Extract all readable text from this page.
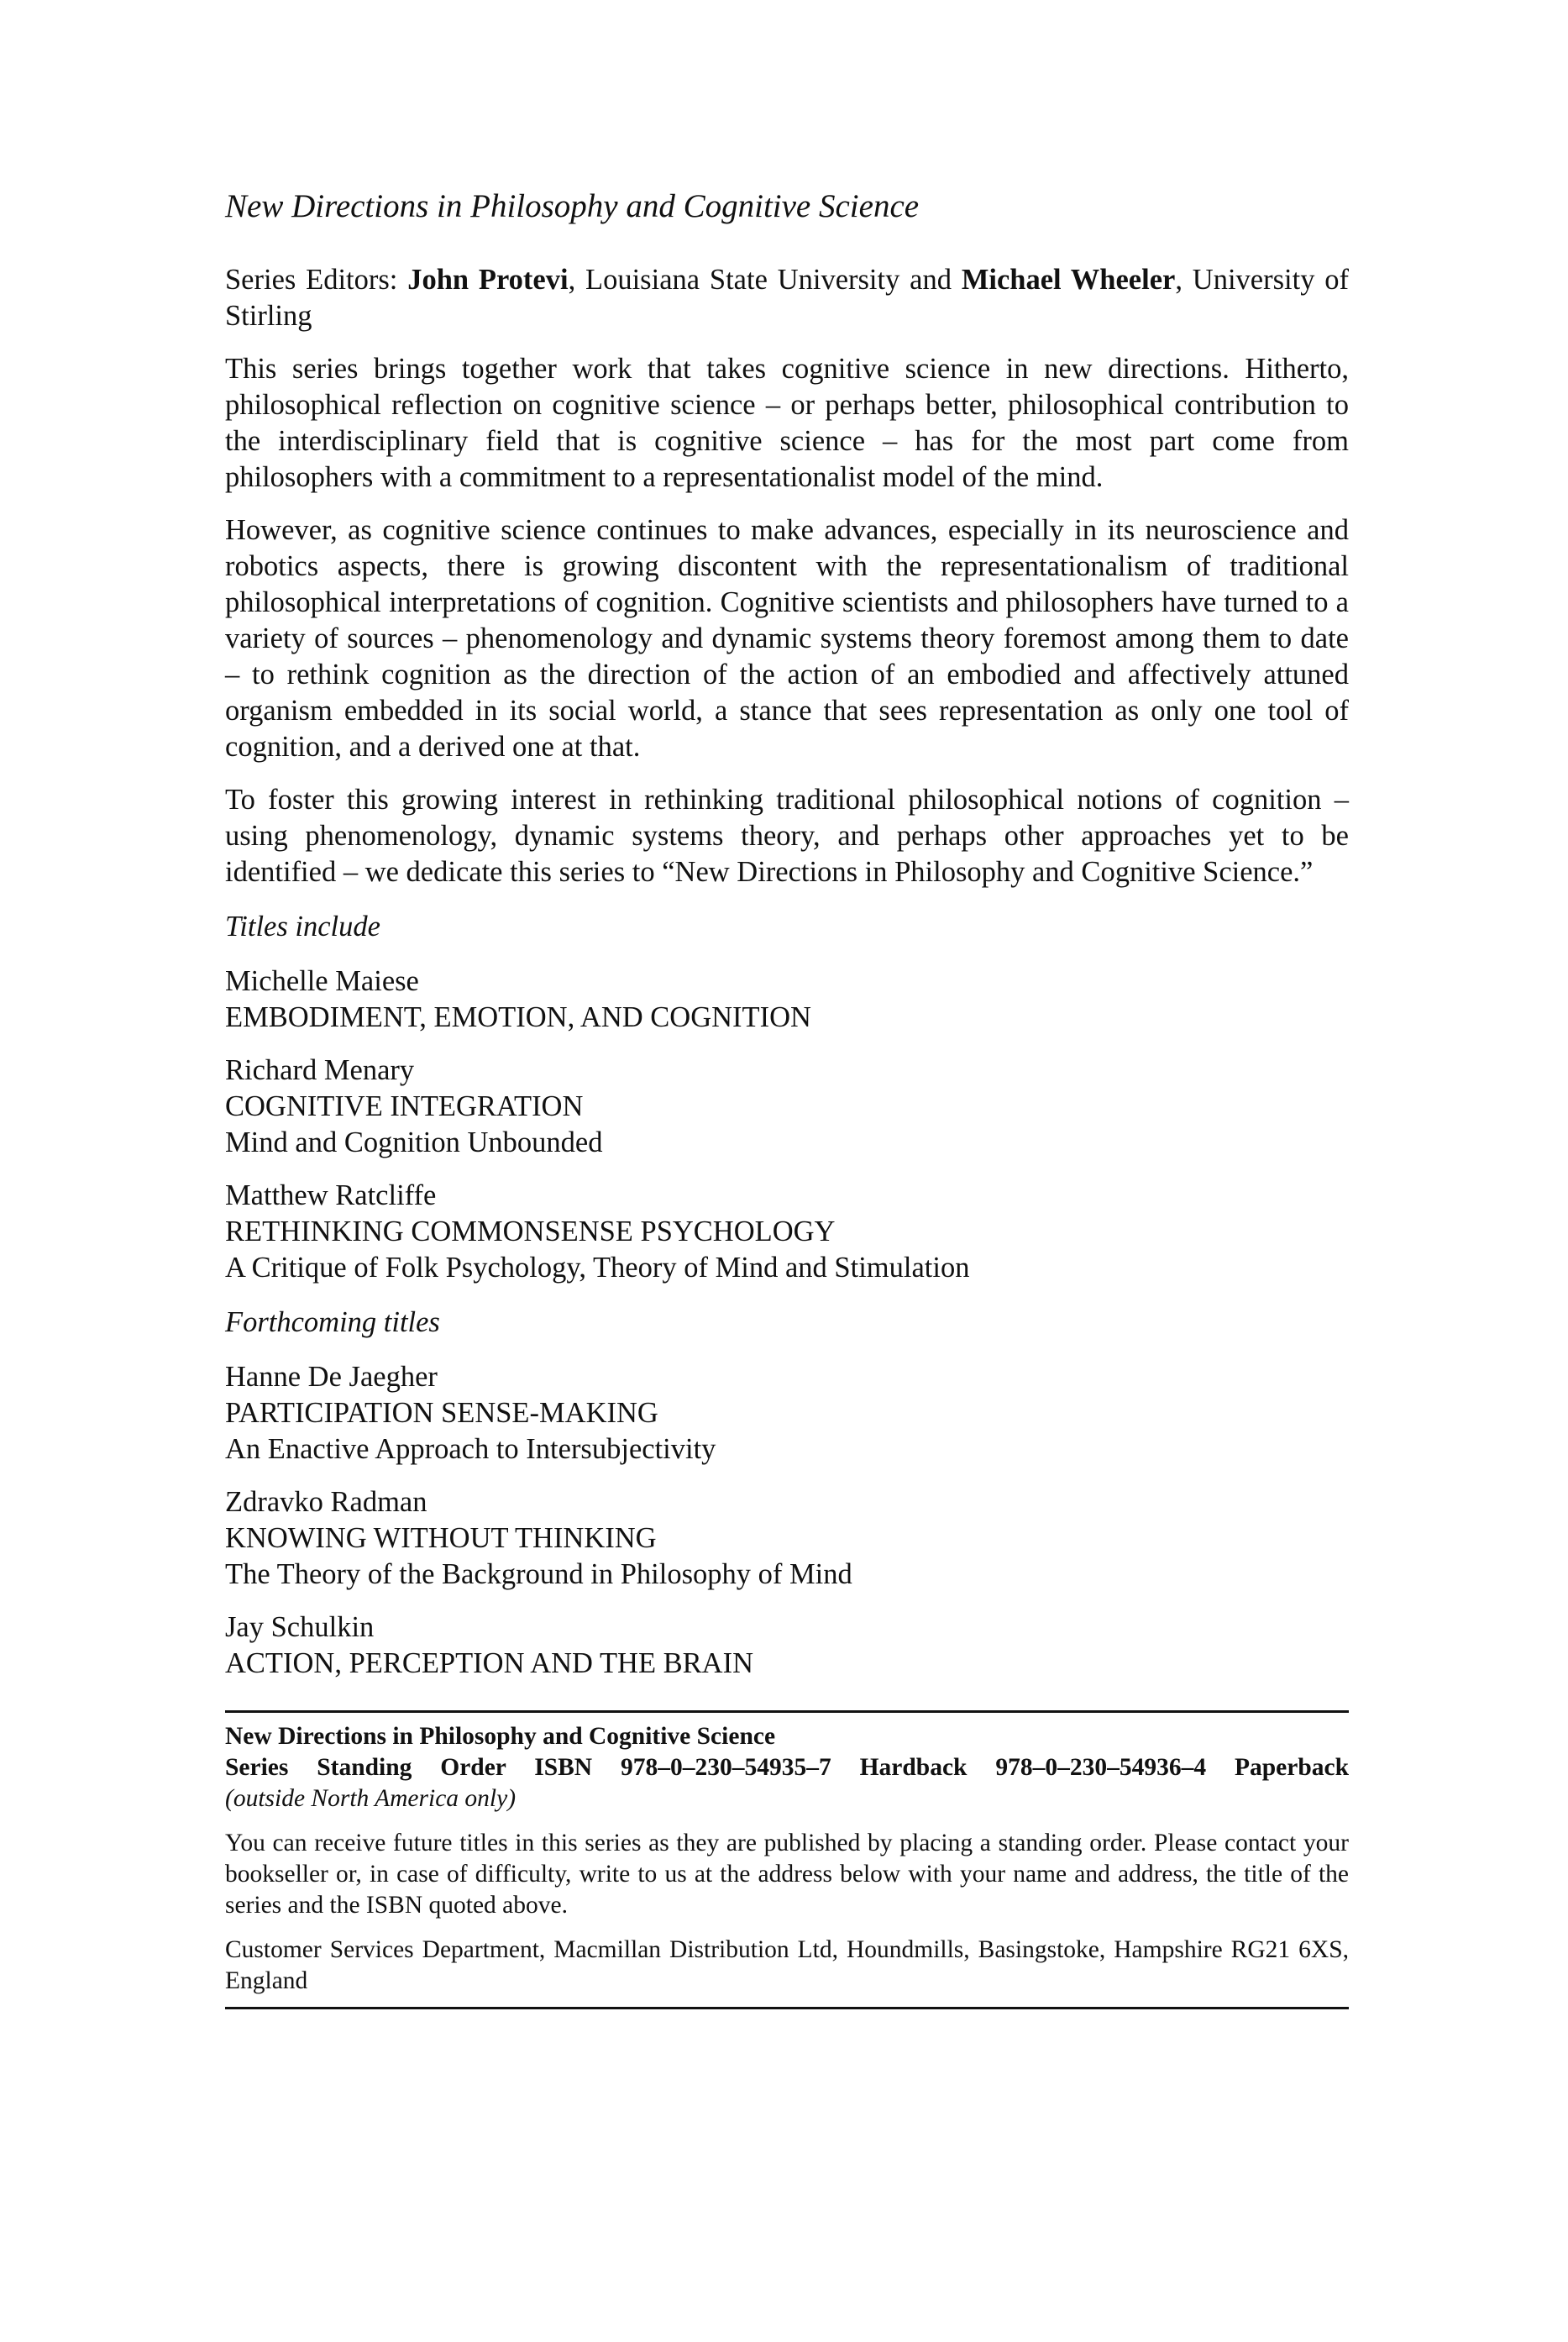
New Directions in Philosophy and Cognitive Science
Series Editors: John Protevi, Louisiana State University and Michael Wheeler, University of Stirling
This series brings together work that takes cognitive science in new directions. Hitherto, philosophical reflection on cognitive science – or perhaps better, philosophical contribution to the interdisciplinary field that is cognitive science – has for the most part come from philosophers with a commitment to a representationalist model of the mind.
However, as cognitive science continues to make advances, especially in its neuroscience and robotics aspects, there is growing discontent with the representationalism of traditional philosophical interpretations of cognition. Cognitive scientists and philosophers have turned to a variety of sources – phenomenology and dynamic systems theory foremost among them to date – to rethink cognition as the direction of the action of an embodied and affectively attuned organism embedded in its social world, a stance that sees representation as only one tool of cognition, and a derived one at that.
To foster this growing interest in rethinking traditional philosophical notions of cognition – using phenomenology, dynamic systems theory, and perhaps other approaches yet to be identified – we dedicate this series to “New Directions in Philosophy and Cognitive Science.”
Titles include
Michelle Maiese
EMBODIMENT, EMOTION, AND COGNITION
Richard Menary
COGNITIVE INTEGRATION
Mind and Cognition Unbounded
Matthew Ratcliffe
RETHINKING COMMONSENSE PSYCHOLOGY
A Critique of Folk Psychology, Theory of Mind and Stimulation
Forthcoming titles
Hanne De Jaegher
PARTICIPATION SENSE-MAKING
An Enactive Approach to Intersubjectivity
Zdravko Radman
KNOWING WITHOUT THINKING
The Theory of the Background in Philosophy of Mind
Jay Schulkin
ACTION, PERCEPTION AND THE BRAIN
New Directions in Philosophy and Cognitive Science
Series Standing Order ISBN 978–0–230–54935–7 Hardback 978–0–230–54936–4 Paperback
(outside North America only)
You can receive future titles in this series as they are published by placing a standing order. Please contact your bookseller or, in case of difficulty, write to us at the address below with your name and address, the title of the series and the ISBN quoted above.
Customer Services Department, Macmillan Distribution Ltd, Houndmills, Basingstoke, Hampshire RG21 6XS, England
